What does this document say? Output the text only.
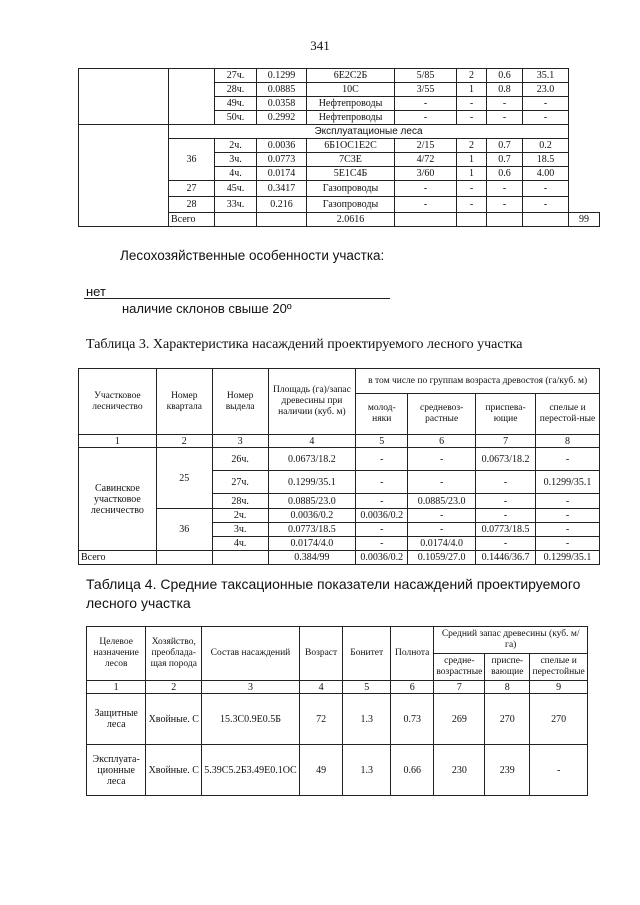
341
		27ч.	0.1299	6Е2С2Б	5/85	2	0.6	35.1	
		28ч.	0.0885	10С	3/55	1	0.8	23.0	
		49ч.	0.0358	Нефтепроводы	-	-	-	-	
		50ч.	0.2992	Нефтепроводы	-	-	-	-	
	Эксплуатационые леса								
	36	2ч.	0.0036	6Б1ОС1Е2С	2/15	2	0.7	0.2	
		3ч.	0.0773	7С3Е	4/72	1	0.7	18.5	
		4ч.	0.0174	5Е1С4Б	3/60	1	0.6	4.00	
	27	45ч.	0.3417	Газопроводы	-	-	-	-	
	28	33ч.	0.216	Газопроводы	-	-	-	-	
	Всего			2.0616					99
Лесохозяйственные особенности участка:
нет
наличие склонов свыше 20º
Таблица 3. Характеристика насаждений проектируемого лесного участка
Участковое лесничество	Номер квартала	Номер выдела	Площадь (га)/запас древесины при наличии (куб. м)	в том числе по группам возраста древостоя (га/куб. м)			
				молод-няки	средневоз-растные	приспева-ющие	спелые и перестой-ные
1	2	3	4	5	6	7	8
Савинское участковое лесничество	25	26ч.	0.0673/18.2	-	-	0.0673/18.2	-
		27ч.	0.1299/35.1	-	-	-	0.1299/35.1
		28ч.	0.0885/23.0	-	0.0885/23.0	-	-
	36	2ч.	0.0036/0.2	0.0036/0.2	-	-	-
		3ч.	0.0773/18.5	-	-	0.0773/18.5	-
		4ч.	0.0174/4.0	-	0.0174/4.0	-	-
Всего			0.384/99	0.0036/0.2	0.1059/27.0	0.1446/36.7	0.1299/35.1
Таблица 4. Средние таксационные показатели насаждений проектируемого
лесного участка
Целевое назначение лесов	Хозяйство, преоблада-щая порода	Состав насаждений	Возраст	Бонитет	Полнота	Средний запас древесины (куб. м/га)		
						средне-возрастные	приспе-вающие	спелые и перестойные
1	2	3	4	5	6	7	8	9
Защитные леса	Хвойные. С	15.3С0.9Е0.5Б	72	1.3	0.73	269	270	270
Эксплуата-ционные леса	Хвойные. С	5.39С5.2Б3.49Е0.1ОС	49	1.3	0.66	230	239	-
